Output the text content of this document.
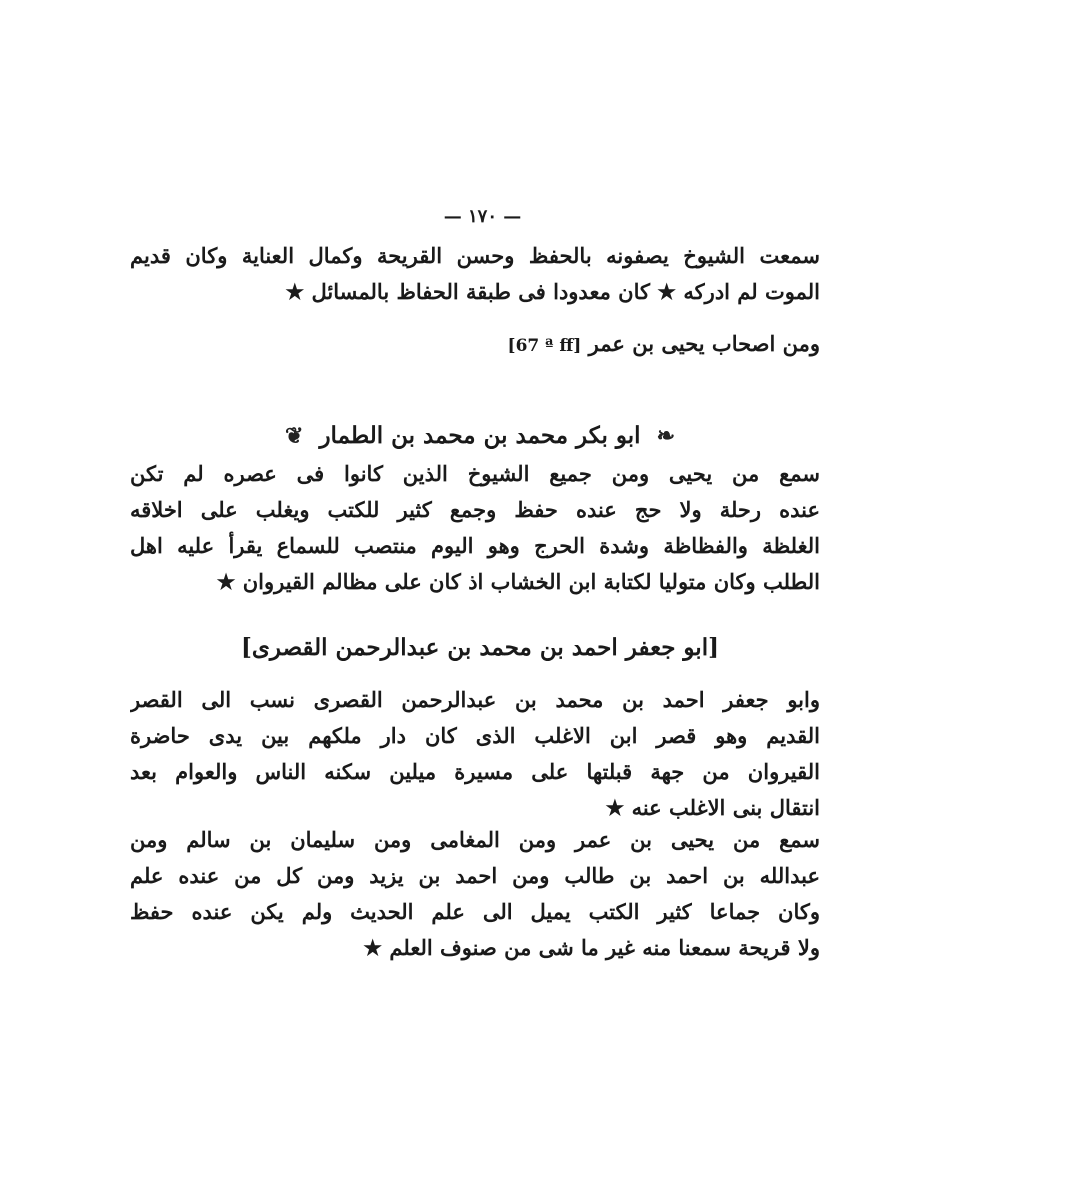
— ١٧٠ —
سمعت الشيوخ يصفونه بالحفظ وحسن القريحة وكمال العناية وكان قديم
الموت لم ادركه ★ كان معدودا فى طبقة الحفاظ بالمسائل ★
ومن اصحاب يحيى بن عمر [67 ª ff]
❧ ابو بكر محمد بن محمد بن الطمار ❦
سمع من يحيى ومن جميع الشيوخ الذين كانوا فى عصره لم تكن
عنده رحلة ولا حج عنده حفظ وجمع كثير للكتب ويغلب على اخلاقه
الغلظة والفظاظة وشدة الحرج وهو اليوم منتصب للسماع يقرأ عليه اهل
الطلب وكان متوليا لكتابة ابن الخشاب اذ كان على مظالم القيروان ★
[ابو جعفر احمد بن محمد بن عبدالرحمن القصرى]
وابو جعفر احمد بن محمد بن عبدالرحمن القصرى نسب الى القصر
القديم وهو قصر ابن الاغلب الذى كان دار ملكهم بين يدى حاضرة
القيروان من جهة قبلتها على مسيرة ميلين سكنه الناس والعوام بعد
انتقال بنى الاغلب عنه ★
سمع من يحيى بن عمر ومن المغامى ومن سليمان بن سالم ومن
عبدالله بن احمد بن طالب ومن احمد بن يزيد ومن كل من عنده علم
وكان جماعا كثير الكتب يميل الى علم الحديث ولم يكن عنده حفظ
ولا قريحة سمعنا منه غير ما شى من صنوف العلم ★
